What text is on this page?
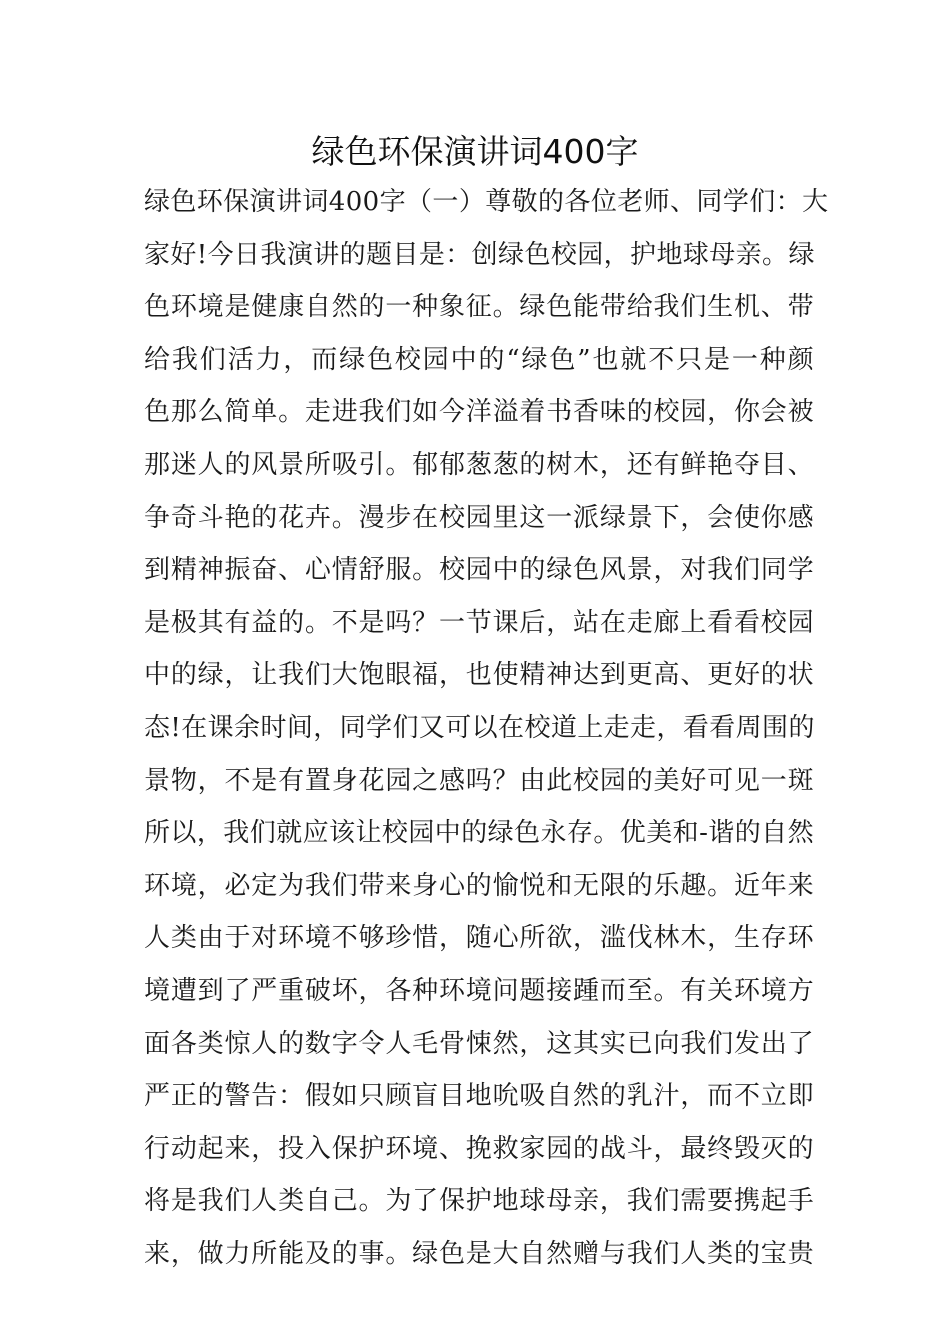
绿色环保演讲词400字
绿色环保演讲词400字（一）尊敬的各位老师、同学们：大
家好!今日我演讲的题目是：创绿色校园，护地球母亲。绿
色环境是健康自然的一种象征。绿色能带给我们生机、带
给我们活力，而绿色校园中的“绿色”也就不只是一种颜
色那么简单。走进我们如今洋溢着书香味的校园，你会被
那迷人的风景所吸引。郁郁葱葱的树木，还有鲜艳夺目、
争奇斗艳的花卉。漫步在校园里这一派绿景下，会使你感
到精神振奋、心情舒服。校园中的绿色风景，对我们同学
是极其有益的。不是吗？一节课后，站在走廊上看看校园
中的绿，让我们大饱眼福，也使精神达到更高、更好的状
态!在课余时间，同学们又可以在校道上走走，看看周围的
景物，不是有置身花园之感吗？由此校园的美好可见一斑
所以，我们就应该让校园中的绿色永存。优美和-谐的自然
环境，必定为我们带来身心的愉悦和无限的乐趣。近年来
人类由于对环境不够珍惜，随心所欲，滥伐林木，生存环
境遭到了严重破坏，各种环境问题接踵而至。有关环境方
面各类惊人的数字令人毛骨悚然，这其实已向我们发出了
严正的警告：假如只顾盲目地吮吸自然的乳汁，而不立即
行动起来，投入保护环境、挽救家园的战斗，最终毁灭的
将是我们人类自己。为了保护地球母亲，我们需要携起手
来，做力所能及的事。绿色是大自然赠与我们人类的宝贵
